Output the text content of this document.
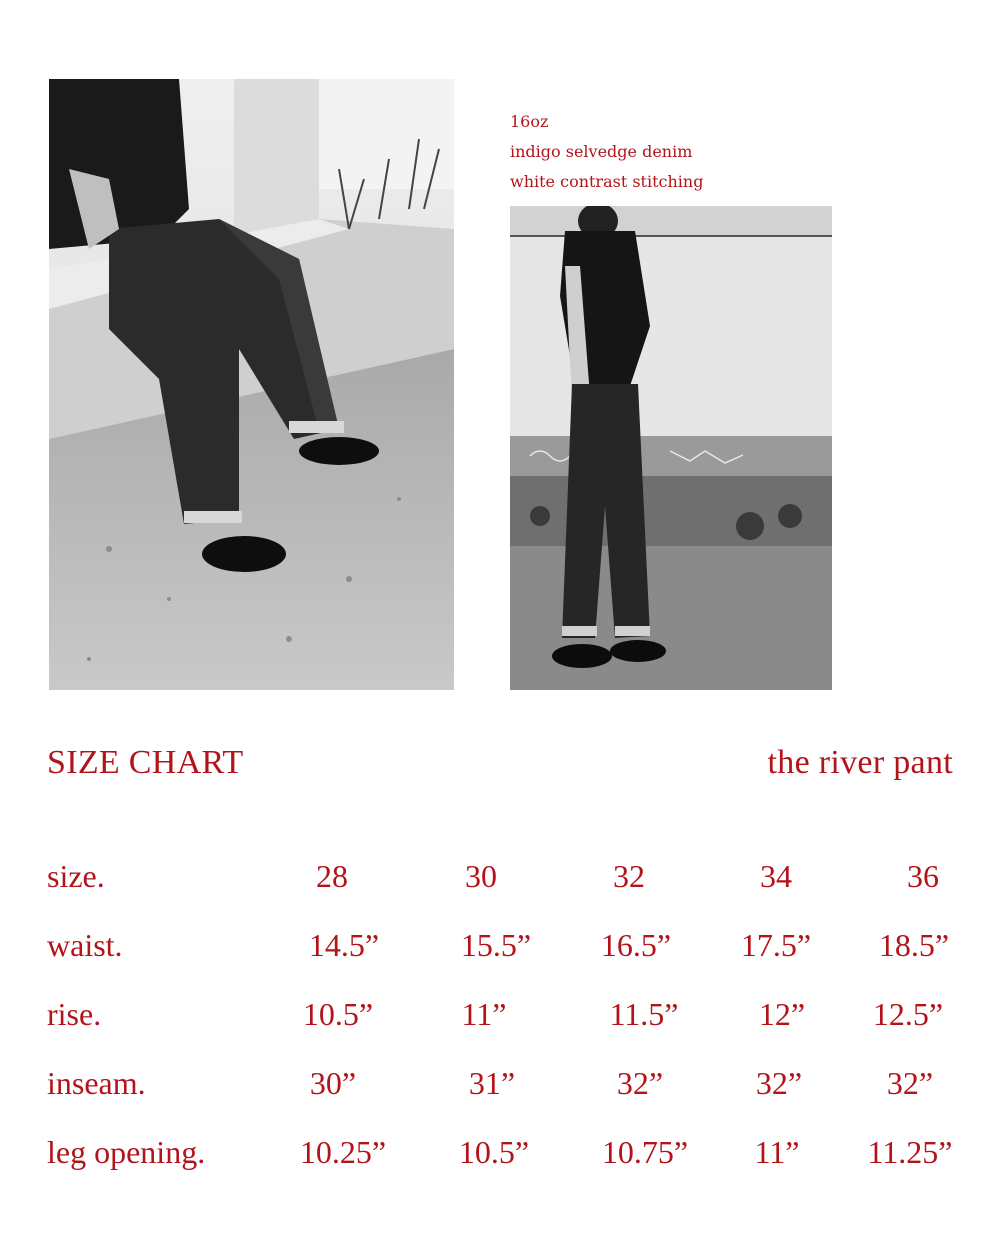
16oz
indigo selvedge denim
white contrast stitching
SIZE CHART	the river pant
size.	28	30	32	34	36
waist.	14.5”	15.5”	16.5”	17.5”	18.5”
rise.	10.5”	11”	11.5”	12”	12.5”
inseam.	30”	31”	32”	32”	32”
leg opening.	10.25”	10.5”	10.75”	11”	11.25”
